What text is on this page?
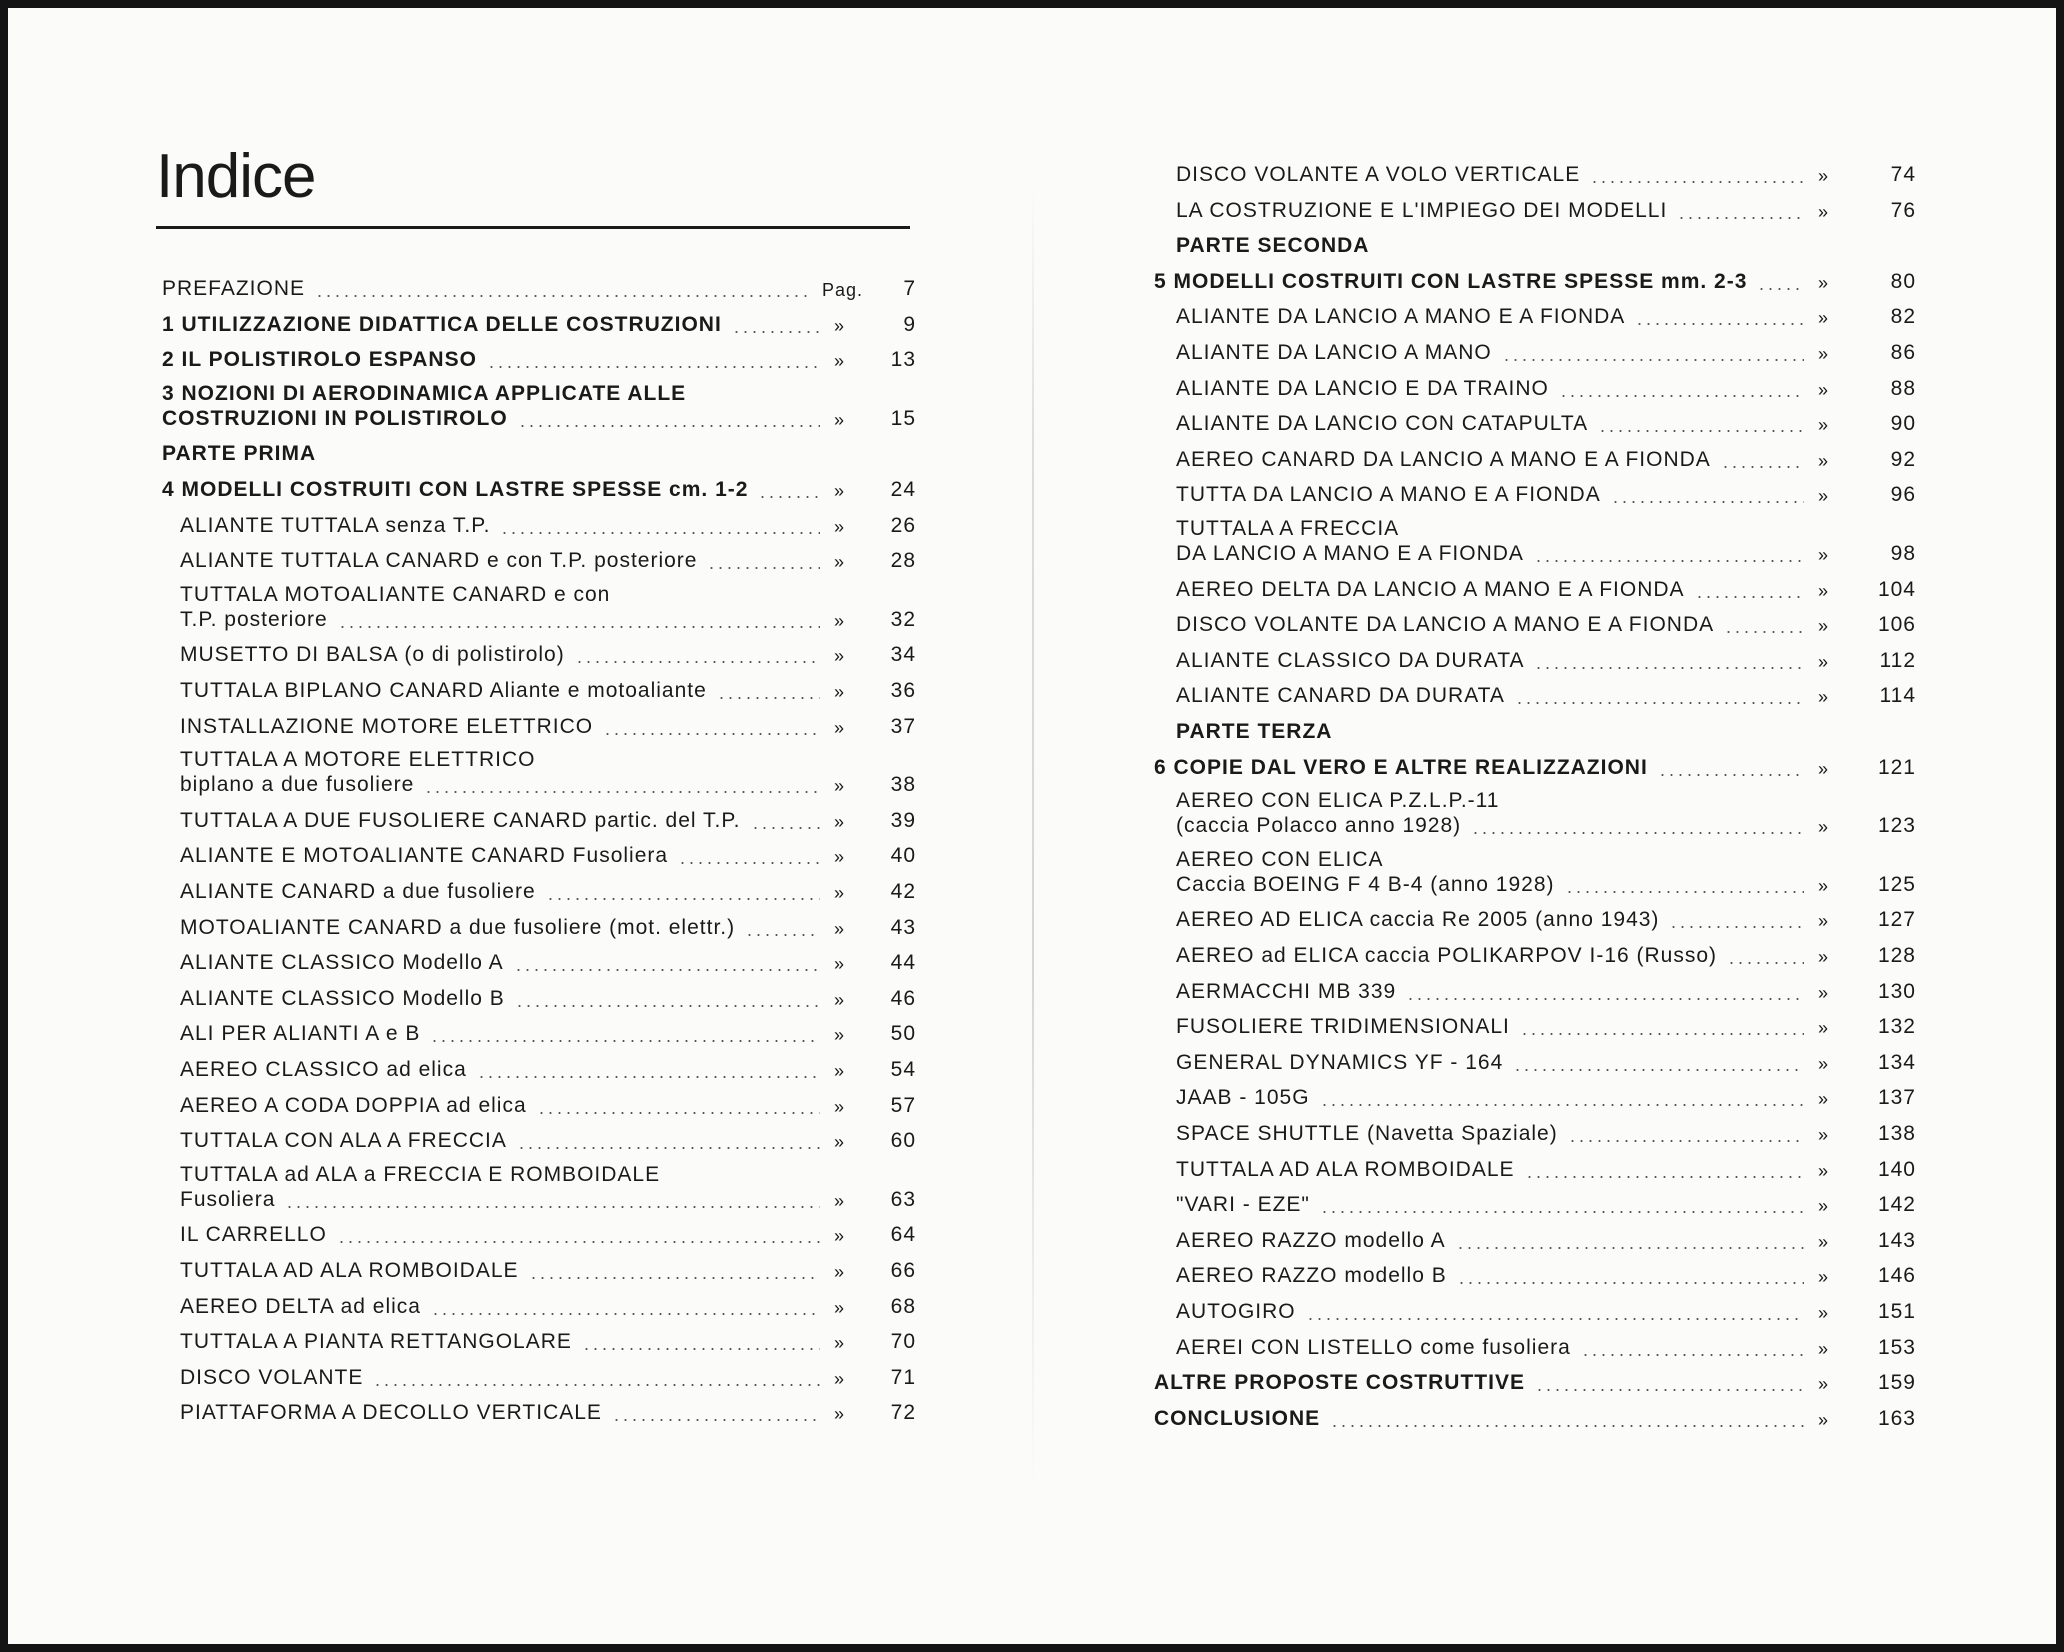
Indice
PREFAZIONE	Pag.	7
1 UTILIZZAZIONE DIDATTICA DELLE COSTRUZIONI	»	9
2 IL POLISTIROLO ESPANSO	»	13
3 NOZIONI DI AERODINAMICA APPLICATE ALLE
COSTRUZIONI IN POLISTIROLO	»	15
PARTE PRIMA
4 MODELLI COSTRUITI CON LASTRE SPESSE cm. 1-2	»	24
ALIANTE TUTTALA senza T.P.	»	26
ALIANTE TUTTALA CANARD e con T.P. posteriore	»	28
TUTTALA MOTOALIANTE CANARD e con
T.P. posteriore	»	32
MUSETTO DI BALSA (o di polistirolo)	»	34
TUTTALA BIPLANO CANARD Aliante e motoaliante	»	36
INSTALLAZIONE MOTORE ELETTRICO	»	37
TUTTALA A MOTORE ELETTRICO
biplano a due fusoliere	»	38
TUTTALA A DUE FUSOLIERE CANARD partic. del T.P.	»	39
ALIANTE E MOTOALIANTE CANARD Fusoliera	»	40
ALIANTE CANARD a due fusoliere	»	42
MOTOALIANTE CANARD a due fusoliere (mot. elettr.)	»	43
ALIANTE CLASSICO Modello A	»	44
ALIANTE CLASSICO Modello B	»	46
ALI PER ALIANTI A e B	»	50
AEREO CLASSICO ad elica	»	54
AEREO A CODA DOPPIA ad elica	»	57
TUTTALA CON ALA A FRECCIA	»	60
TUTTALA ad ALA a FRECCIA E ROMBOIDALE
Fusoliera	»	63
IL CARRELLO	»	64
TUTTALA AD ALA ROMBOIDALE	»	66
AEREO DELTA ad elica	»	68
TUTTALA A PIANTA RETTANGOLARE	»	70
DISCO VOLANTE	»	71
PIATTAFORMA A DECOLLO VERTICALE	»	72
DISCO VOLANTE A VOLO VERTICALE	»	74
LA COSTRUZIONE E L'IMPIEGO DEI MODELLI	»	76
PARTE SECONDA
5 MODELLI COSTRUITI CON LASTRE SPESSE mm. 2-3	»	80
ALIANTE DA LANCIO A MANO E A FIONDA	»	82
ALIANTE DA LANCIO A MANO	»	86
ALIANTE DA LANCIO E DA TRAINO	»	88
ALIANTE DA LANCIO CON CATAPULTA	»	90
AEREO CANARD DA LANCIO A MANO E A FIONDA	»	92
TUTTA DA LANCIO A MANO E A FIONDA	»	96
TUTTALA A FRECCIA
DA LANCIO A MANO E A FIONDA	»	98
AEREO DELTA DA LANCIO A MANO E A FIONDA	»	104
DISCO VOLANTE DA LANCIO A MANO E A FIONDA	»	106
ALIANTE CLASSICO DA DURATA	»	112
ALIANTE CANARD DA DURATA	»	114
PARTE TERZA
6 COPIE DAL VERO E ALTRE REALIZZAZIONI	»	121
AEREO CON ELICA P.Z.L.P.-11
(caccia Polacco anno 1928)	»	123
AEREO CON ELICA
Caccia BOEING F 4 B-4 (anno 1928)	»	125
AEREO AD ELICA caccia Re 2005 (anno 1943)	»	127
AEREO ad ELICA caccia POLIKARPOV I-16 (Russo)	»	128
AERMACCHI MB 339	»	130
FUSOLIERE TRIDIMENSIONALI	»	132
GENERAL DYNAMICS YF - 164	»	134
JAAB - 105G	»	137
SPACE SHUTTLE (Navetta Spaziale)	»	138
TUTTALA AD ALA ROMBOIDALE	»	140
"VARI - EZE"	»	142
AEREO RAZZO modello A	»	143
AEREO RAZZO modello B	»	146
AUTOGIRO	»	151
AEREI CON LISTELLO come fusoliera	»	153
ALTRE PROPOSTE COSTRUTTIVE	»	159
CONCLUSIONE	»	163
